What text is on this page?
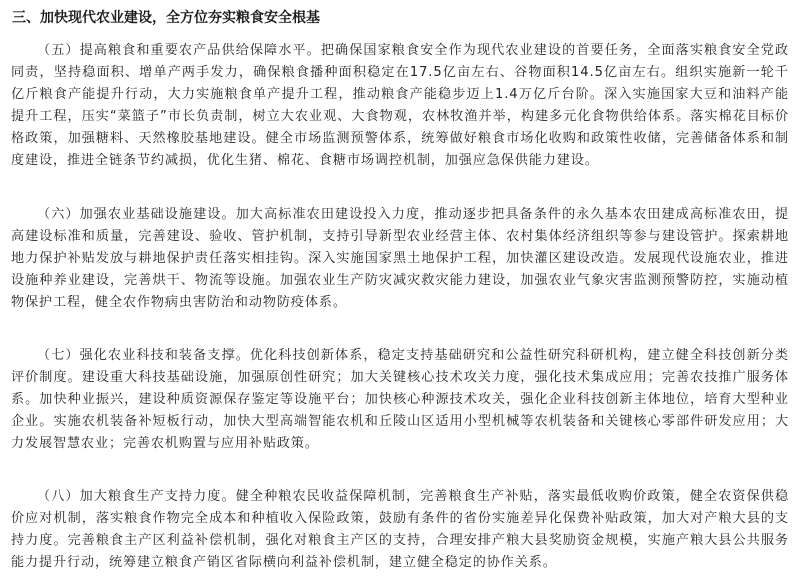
三、加快现代农业建设，全方位夯实粮食安全根基

（五）提高粮食和重要农产品供给保障水平。把确保国家粮食安全作为现代农业建设的首要任务，全面落实粮食安全党政同责，坚持稳面积、增单产两手发力，确保粮食播种面积稳定在17.5亿亩左右、谷物面积14.5亿亩左右。组织实施新一轮千亿斤粮食产能提升行动，大力实施粮食单产提升工程，推动粮食产能稳步迈上1.4万亿斤台阶。深入实施国家大豆和油料产能提升工程，压实“菜篮子”市长负责制，树立大农业观、大食物观，农林牧渔并举，构建多元化食物供给体系。落实棉花目标价格政策，加强糖料、天然橡胶基地建设。健全市场监测预警体系，统筹做好粮食市场化收购和政策性收储，完善储备体系和制度建设，推进全链条节约减损，优化生猪、棉花、食糖市场调控机制，加强应急保供能力建设。

（六）加强农业基础设施建设。加大高标准农田建设投入力度，推动逐步把具备条件的永久基本农田建成高标准农田，提高建设标准和质量，完善建设、验收、管护机制，支持引导新型农业经营主体、农村集体经济组织等参与建设管护。探索耕地地力保护补贴发放与耕地保护责任落实相挂钩。深入实施国家黑土地保护工程，加快灌区建设改造。发展现代设施农业，推进设施种养业建设，完善烘干、物流等设施。加强农业生产防灾减灾救灾能力建设，加强农业气象灾害监测预警防控，实施动植物保护工程，健全农作物病虫害防治和动物防疫体系。

（七）强化农业科技和装备支撑。优化科技创新体系，稳定支持基础研究和公益性研究科研机构，建立健全科技创新分类评价制度。建设重大科技基础设施，加强原创性研究；加大关键核心技术攻关力度，强化技术集成应用；完善农技推广服务体系。加快种业振兴，建设种质资源保存鉴定等设施平台；加快核心种源技术攻关，强化企业科技创新主体地位，培育大型种业企业。实施农机装备补短板行动，加快大型高端智能农机和丘陵山区适用小型机械等农机装备和关键核心零部件研发应用；大力发展智慧农业；完善农机购置与应用补贴政策。

（八）加大粮食生产支持力度。健全种粮农民收益保障机制，完善粮食生产补贴，落实最低收购价政策，健全农资保供稳价应对机制，落实粮食作物完全成本和种植收入保险政策，鼓励有条件的省份实施差异化保费补贴政策，加大对产粮大县的支持力度。完善粮食主产区利益补偿机制，强化对粮食主产区的支持，合理安排产粮大县奖励资金规模，实施产粮大县公共服务能力提升行动，统筹建立粮食产销区省际横向利益补偿机制，建立健全稳定的协作关系。
